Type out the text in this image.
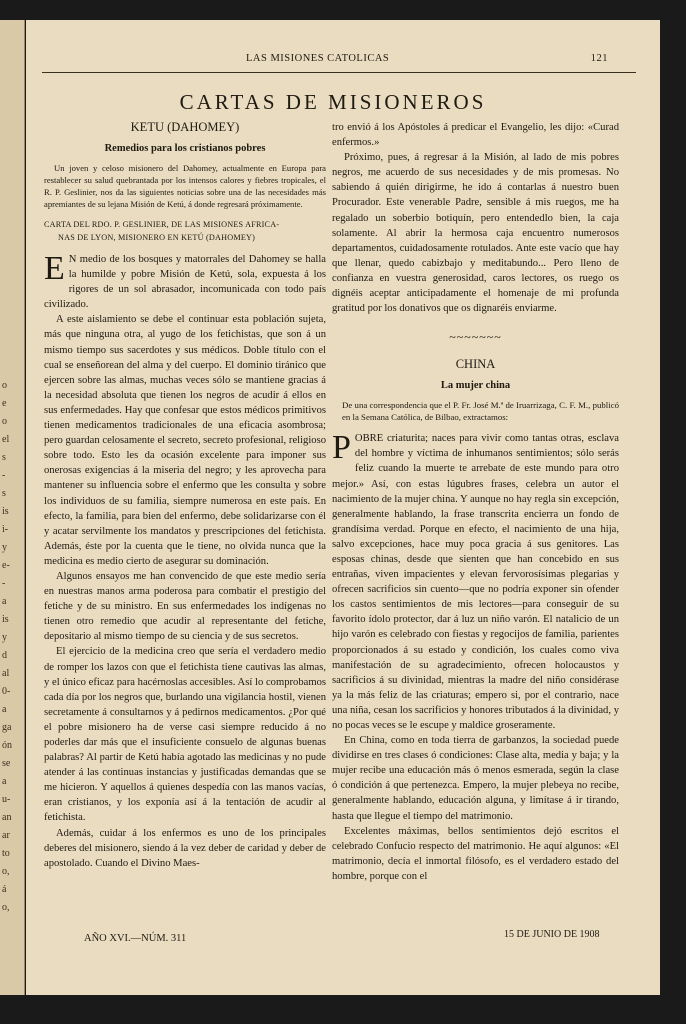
o
e
o
el
s
-
s
is
i-
y
e-
-
a
is
y
d
al
0-
a
ga
ón
se
a
u-
an
ar
to
o,
á
o,
LAS MISIONES CATOLICAS	121
CARTAS DE MISIONEROS
KETU (DAHOMEY)
Remedios para los cristianos pobres
Un joven y celoso misionero del Dahomey, actualmente en Europa para restablecer su salud quebrantada por los intensos calores y fiebres tropicales, el R. P. Geslinier, nos da las siguientes noticias sobre una de las necesidades más apremiantes de su lejana Misión de Ketú, á donde regresará próximamente.
CARTA DEL RDO. P. GESLINIER, DE LAS MISIONES AFRICA-
NAS DE LYON, MISIONERO EN KETÚ (DAHOMEY)

E N medio de los bosques y matorrales del Dahomey se halla la humilde y pobre Misión de Ketú, sola, expuesta á los rigores de un sol abrasador, incomunicada con todo país civilizado.

A este aislamiento se debe el continuar esta población sujeta, más que ninguna otra, al yugo de los fetichistas, que son á un mismo tiempo sus sacerdotes y sus médicos. Doble título con el cual se enseñorean del alma y del cuerpo. El dominio tiránico que ejercen sobre las almas, muchas veces sólo se mantiene gracias á la necesidad absoluta que tienen los negros de acudir á ellos en sus enfermedades. Hay que confesar que estos médicos primitivos tienen medicamentos tradicionales de una eficacia asombrosa; pero guardan celosamente el secreto, secreto profesional, religioso sobre todo. Esto les da ocasión excelente para imponer sus onerosas exigencias á la miseria del negro; y les aprovecha para mantener su influencia sobre el enfermo que les consulta y sobre los individuos de su familia, siempre numerosa en este país. En efecto, la familia, para bien del enfermo, debe solidarizarse con él y acatar servilmente los mandatos y prescripciones del fetichista. Además, éste por la cuenta que le tiene, no olvida nunca que la medicina es medio cierto de asegurar su dominación.

Algunos ensayos me han convencido de que este medio sería en nuestras manos arma poderosa para combatir el prestigio del fetiche y de su ministro. En sus enfermedades los indígenas no tienen otro remedio que acudir al representante del fetiche, depositario al mismo tiempo de su ciencia y de sus secretos.

El ejercicio de la medicina creo que sería el verdadero medio de romper los lazos con que el fetichista tiene cautivas las almas, y el único eficaz para hacérnoslas accesibles. Así lo comprobamos cada día por los negros que, burlando una vigilancia hostil, vienen secretamente á consultarnos y á pedirnos medicamentos. ¿Por qué el pobre misionero ha de verse casi siempre reducido á no poderles dar más que el insuficiente consuelo de algunas buenas palabras? Al partir de Ketú había agotado las medicinas y no pude atender á las continuas instancias y justificadas demandas que se me hicieron. Y aquellos á quienes despedía con las manos vacías, eran cristianos, y los exponía así á la tentación de acudir al fetichista.

Además, cuidar á los enfermos es uno de los principales deberes del misionero, siendo á la vez deber de caridad y deber de apostolado. Cuando el Divino Maes-

tro envió á los Apóstoles á predicar el Evangelio, les dijo: «Curad enfermos.»

Próximo, pues, á regresar á la Misión, al lado de mis pobres negros, me acuerdo de sus necesidades y de mis promesas. No sabiendo á quién dirigirme, he ido á contarlas á nuestro buen Procurador. Este venerable Padre, sensible á mis ruegos, me ha regalado un soberbio botiquín, pero entendedlo bien, la caja solamente. Al abrir la hermosa caja encuentro numerosos departamentos, cuidadosamente rotulados. Ante este vacío que hay que llenar, quedo cabizbajo y meditabundo... Pero lleno de confianza en vuestra generosidad, caros lectores, os ruego os dignéis aceptar anticipadamente el homenaje de mi profunda gratitud por los donativos que os dignaréis enviarme.

~~~~~~~
CHINA
La mujer china
De una correspondencia que el P. Fr. José M.ª de Iruarrizaga, C. F. M., publicó en la Semana Católica, de Bilbao, extractamos:

POBRE criaturita; naces para vivir como tantas otras, esclava del hombre y víctima de inhumanos sentimientos; sólo serás feliz cuando la muerte te arrebate de este mundo para otro mejor.» Así, con estas lúgubres frases, celebra un autor el nacimiento de la mujer china. Y aunque no hay regla sin excepción, generalmente hablando, la frase transcrita encierra un fondo de grandísima verdad. Porque en efecto, el nacimiento de una hija, salvo excepciones, hace muy poca gracia á sus genitores. Las esposas chinas, desde que sienten que han concebido en sus entrañas, viven impacientes y elevan fervorosísimas plegarias y ofrecen sacrificios sin cuento—que no podría exponer sin ofender los castos sentimientos de mis lectores—para conseguir de su favorito ídolo protector, dar á luz un niño varón. El natalicio de un hijo varón es celebrado con fiestas y regocijos de familia, parientes proporcionados á su estado y condición, los cuales como viva manifestación de su agradecimiento, ofrecen holocaustos y sacrificios á su divinidad, mientras la madre del niño considérase ya la más feliz de las criaturas; empero si, por el contrario, nace una niña, cesan los sacrificios y honores tributados á la divinidad, y no pocas veces se le escupe y maldice groseramente.

En China, como en toda tierra de garbanzos, la sociedad puede dividirse en tres clases ó condiciones: Clase alta, media y baja; y la mujer recibe una educación más ó menos esmerada, según la clase ó condición á que pertenezca. Empero, la mujer plebeya no recibe, generalmente hablando, educación alguna, y limítase á ir tirando, hasta que llegue el tiempo del matrimonio.

Excelentes máximas, bellos sentimientos dejó escritos el celebrado Confucio respecto del matrimonio. He aquí algunos: «El matrimonio, decía el inmortal filósofo, es el verdadero estado del hombre, porque con el

AÑO XVI.—NÚM. 311	15 DE JUNIO DE 1908
